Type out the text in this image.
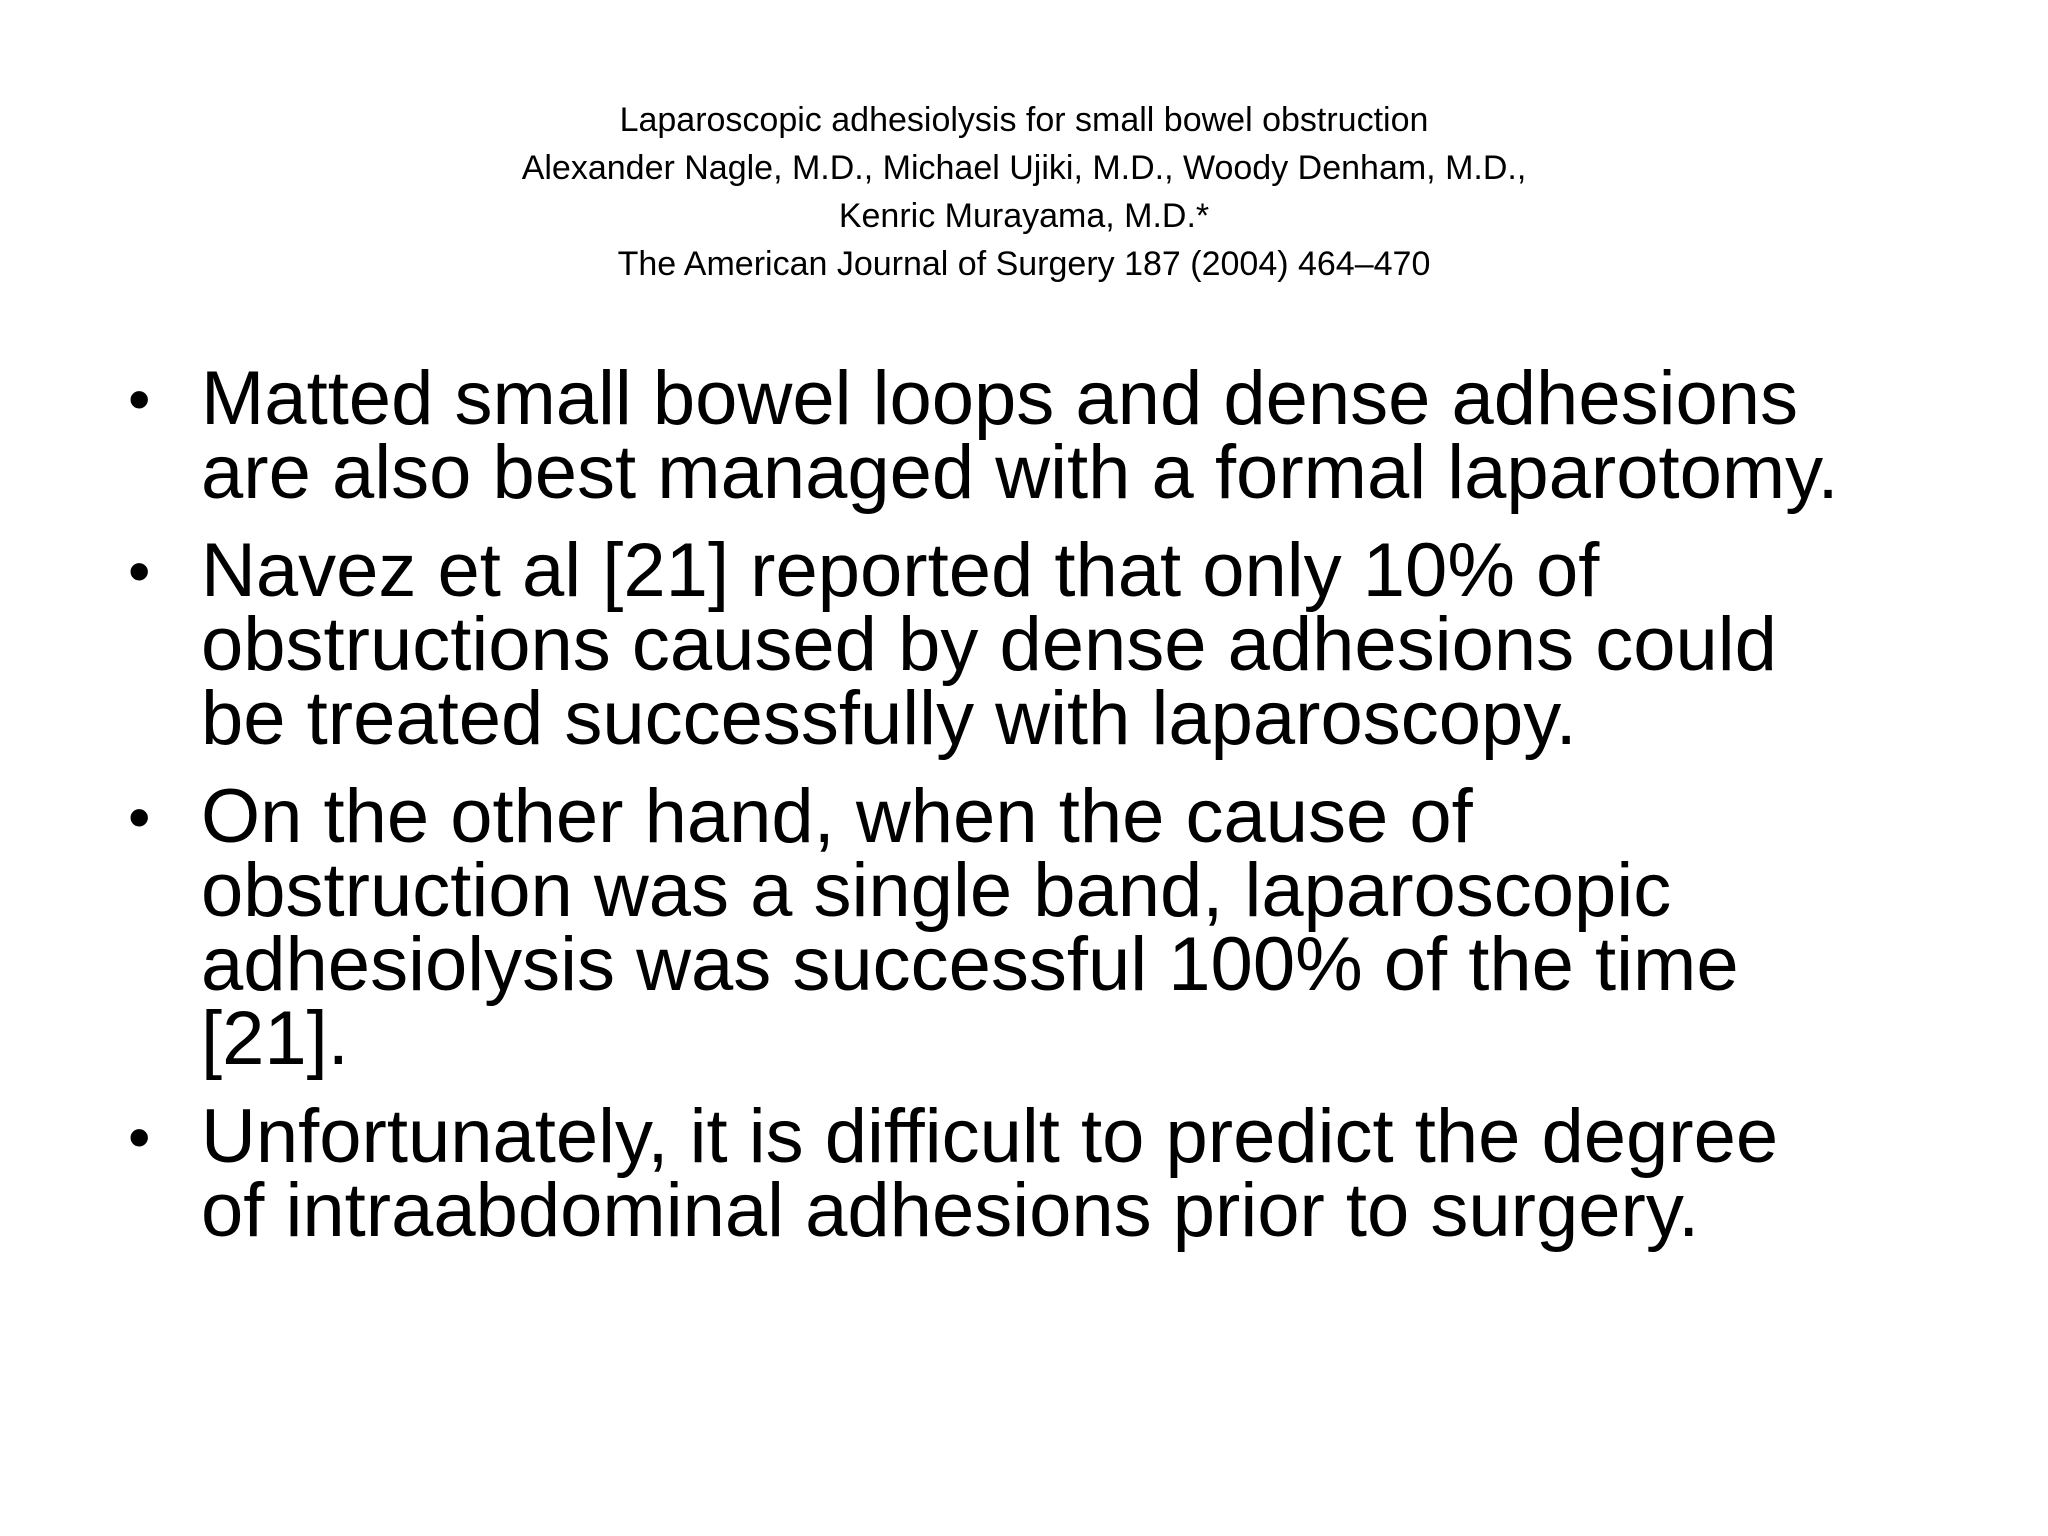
Laparoscopic adhesiolysis for small bowel obstruction
Alexander Nagle, M.D., Michael Ujiki, M.D., Woody Denham, M.D.,
Kenric Murayama, M.D.*
The American Journal of Surgery 187 (2004) 464–470
• Matted small bowel loops and dense adhesions
are also best managed with a formal laparotomy.
• Navez et al [21] reported that only 10% of
obstructions caused by dense adhesions could
be treated successfully with laparoscopy.
• On the other hand, when the cause of
obstruction was a single band, laparoscopic
adhesiolysis was successful 100% of the time
[21].
• Unfortunately, it is difficult to predict the degree
of intraabdominal adhesions prior to surgery.
